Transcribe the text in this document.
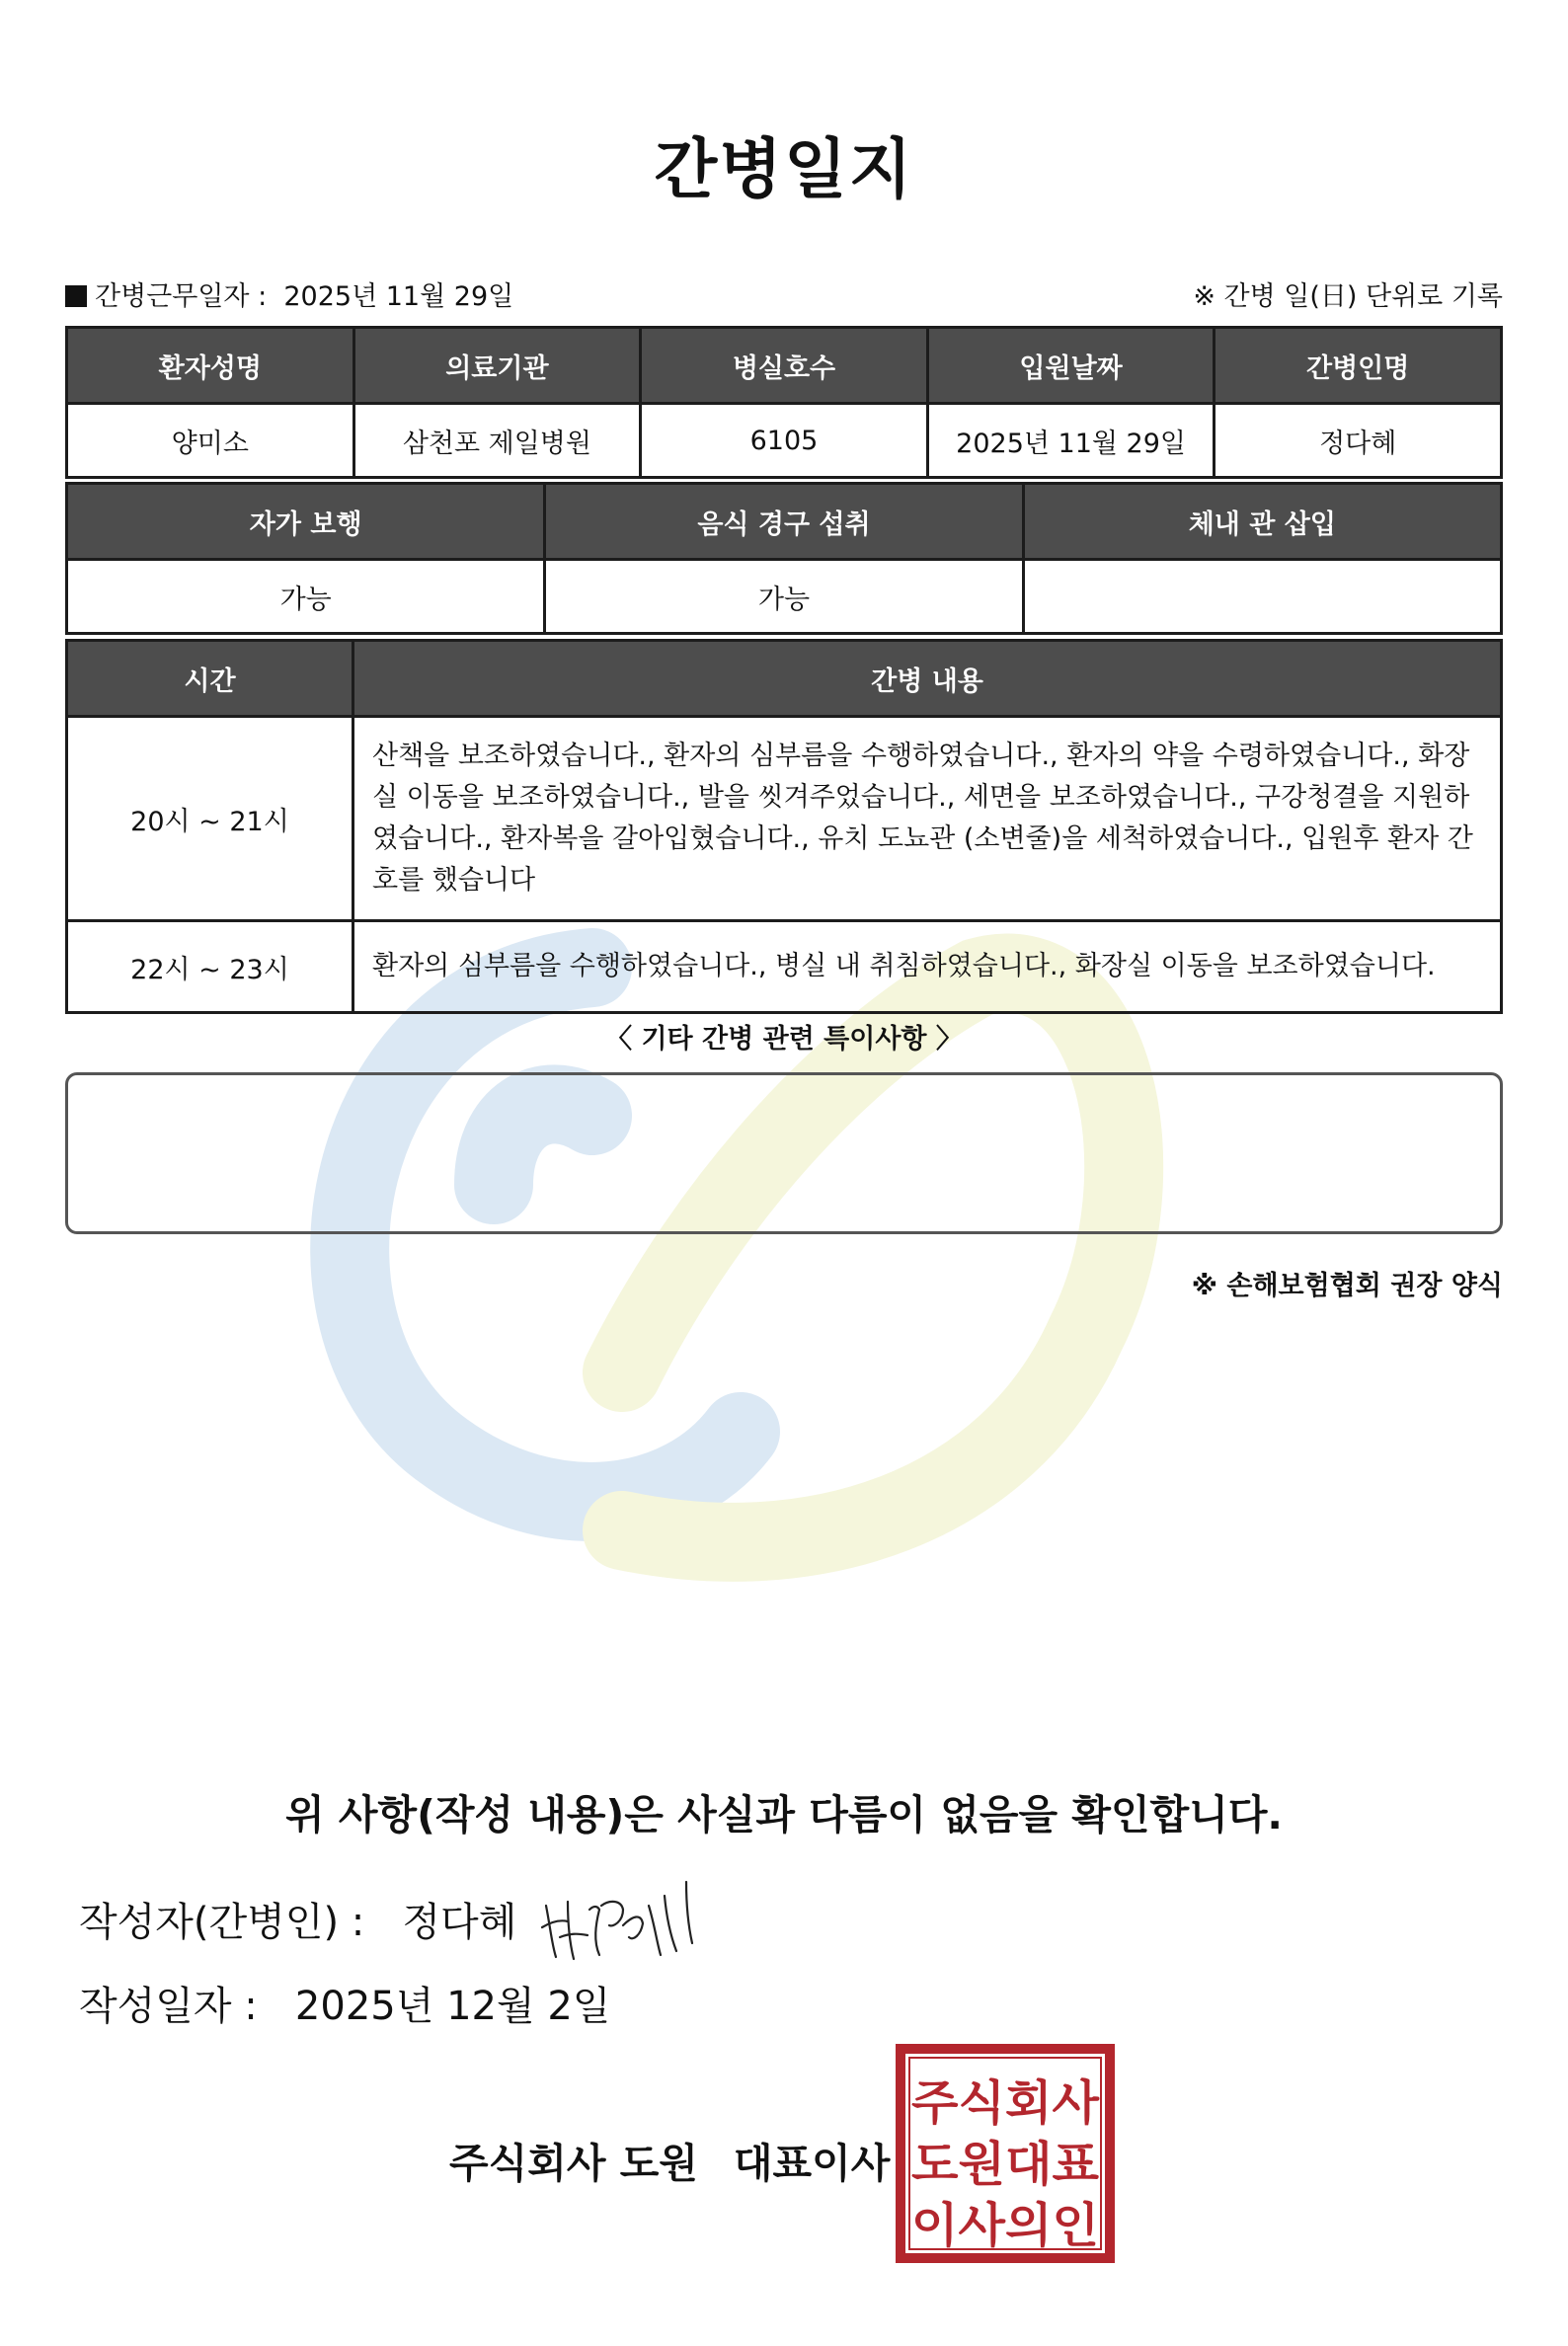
간병일지
간병근무일자 : 2025년 11월 29일	※ 간병 일(日) 단위로 기록
환자성명	의료기관	병실호수	입원날짜	간병인명
양미소	삼천포 제일병원	6105	2025년 11월 29일	정다혜
자가 보행	음식 경구 섭취	체내 관 삽입
가능	가능	
시간	간병 내용
20시 ~ 21시	산책을 보조하였습니다., 환자의 심부름을 수행하였습니다., 환자의 약을 수령하였습니다., 화장실 이동을 보조하였습니다., 발을 씻겨주었습니다., 세면을 보조하였습니다., 구강청결을 지원하였습니다., 환자복을 갈아입혔습니다., 유치 도뇨관 (소변줄)을 세척하였습니다., 입원후 환자 간호를 했습니다
22시 ~ 23시	환자의 심부름을 수행하였습니다., 병실 내 취침하였습니다., 화장실 이동을 보조하였습니다.
〈 기타 간병 관련 특이사항 〉
※ 손해보험협회 권장 양식
위 사항(작성 내용)은 사실과 다름이 없음을 확인합니다.
작성자(간병인) : 정다혜
작성일자 : 2025년 12월 2일
주식회사 도원 대표이사
주식회사
도원대표
이사의인
